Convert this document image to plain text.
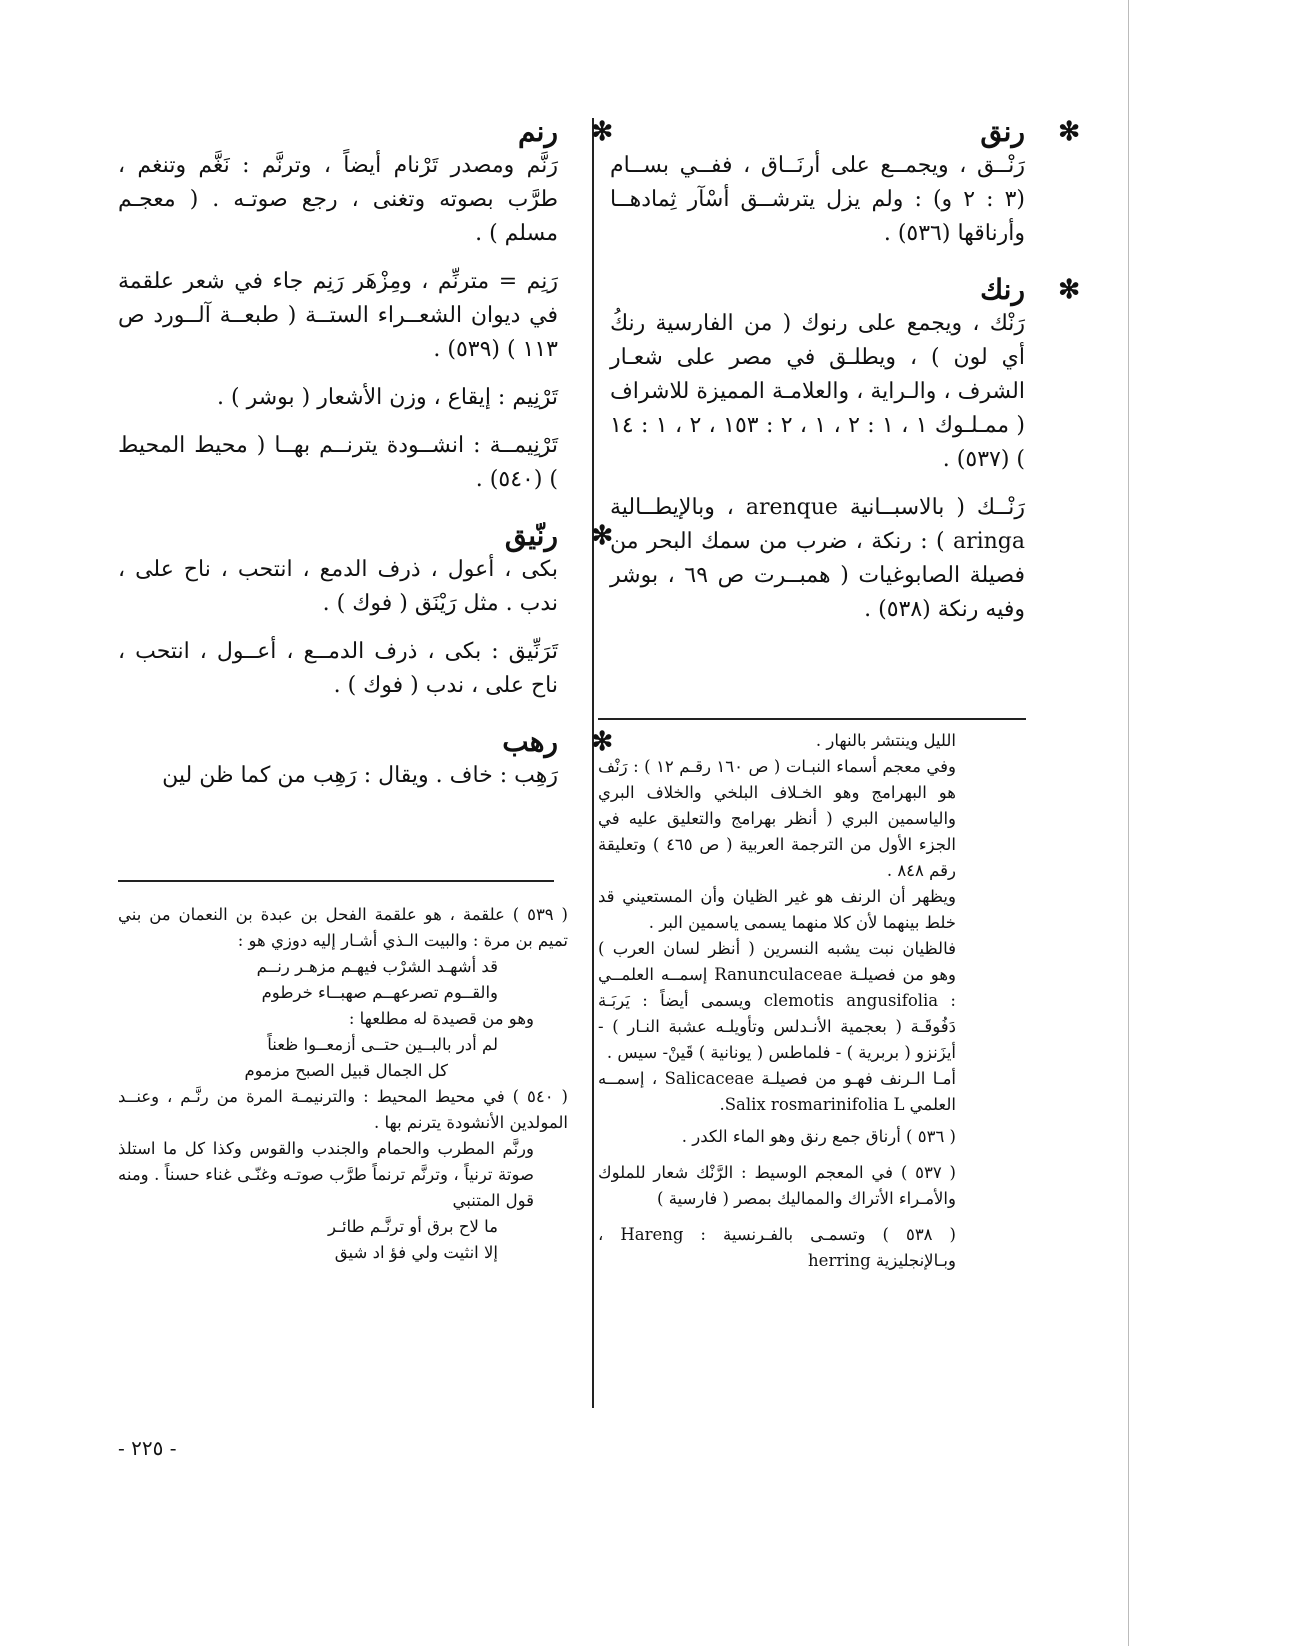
✻
رنق

رَنْــق ، ويجمــع على أرنَــاق ، ففــي بســام (٣ : ٢ و) : ولم يزل يترشــق أسْآر ثِمادهــا وأرناقها (٥٣٦) .

✻
رنك

رَنْك ، ويجمع على رنوك ( من الفارسية رنكُ أي لون ) ، ويطلـق في مصر على شعـار الشرف ، والـراية ، والعلامـة المميزة للاشراف ( ممـلـوك ١ ، ١ : ٢ ، ١ ، ٢ : ١٥٣ ، ٢ ، ١ : ١٤ ) (٥٣٧) .

رَنْــك ( بالاسبــانية arenque ، وبالإيطــالية aringa ) : رنكة ، ضرب من سمك البحر من فصيلة الصابوغيات ( همبــرت ص ٦٩ ، بوشر وفيه رنكة (٥٣٨) .

الليل وينتشر بالنهار .

وفي معجم أسماء النبـات ( ص ١٦٠ رقـم ١٢ ) : رَنْف هو البهرامج وهو الخـلاف البلخي والخلاف البري والياسمين البري ( أنظر بهرامج والتعليق عليه في الجزء الأول من الترجمة العربية ( ص ٤٦٥ ) وتعليقة رقم ٨٤٨ .

ويظهر أن الرنف هو غير الظيان وأن المستعيني قد خلط بينهما لأن كلا منهما يسمى ياسمين البر .

فالظيان نبت يشبه النسرين ( أنظر لسان العرب ) وهو من فصيلـة Ranunculaceae إسمــه العلمــي : clemotis angusifolia ويسمى أيضاً : يَربَـة دَفُوقَـة ( بعجمية الأنـدلس وتأويلـه عشبة النـار ) - أيزَنزو ( بربرية ) - فلماطس ( يونانية ) قَينْ- سيس .

أمـا الـرنف فهـو من فصيلـة Salicaceae ، إسمــه العلمي Salix rosmarinifolia L.

( ٥٣٦ ) أرناق جمع رنق وهو الماء الكدر .

( ٥٣٧ ) في المعجم الوسيط : الرَّنْك شعار للملوك والأمـراء الأتراك والمماليك بمصر ( فارسية )

( ٥٣٨ ) وتسمـى بالفـرنسية : Hareng ، وبـالإنجليزية herring

✻
رنم

رَنَّم ومصدر تَرْنام أيضاً ، وترنَّم : نَغَّم وتنغم ، طرَّب بصوته وتغنى ، رجع صوتـه . ( معجـم مسلم ) .

رَنِم = مترنِّم ، ومِزْهَر رَنِم جاء في شعر علقمة في ديوان الشعــراء الستــة ( طبعــة آلــورد ص ١١٣ ) (٥٣٩) .

تَرْنِيم : إيقاع ، وزن الأشعار ( بوشر ) .

تَرْنِيمــة : انشــودة يترنــم بهــا ( محيط المحيط ) (٥٤٠) .

✻
رنّيق

بكى ، أعول ، ذرف الدمع ، انتحب ، ناح على ، ندب . مثل رَيْنَق ( فوك ) .

تَرَنِّيق : بكى ، ذرف الدمــع ، أعــول ، انتحب ، ناح على ، ندب ( فوك ) .

✻
رهب

رَهِب : خاف . ويقال : رَهِب من كما ظن لين

( ٥٣٩ ) علقمة ، هو علقمة الفحل بن عبدة بن النعمان من بني تميم بن مرة : والبيت الـذي أشـار إليه دوزي هو :

قد أشهـد الشرْب فيهـم مزهـر رنــم

والقــوم تصرعهــم صهبــاء خرطوم

وهو من قصيدة له مطلعها :

لم أدر بالبــين حتــى أزمعــوا ظعناً

كل الجمال قبيل الصبح مزموم

( ٥٤٠ ) في محيط المحيط : والترنيمـة المرة من رنَّـم ، وعنــد المولدين الأنشودة يترنم بها .

ورنَّم المطرب والحمام والجندب والقوس وكذا كل ما استلذ صوتة ترنياً ، وترنَّم ترنماً طرَّب صوتـه وغنّـى غناء حسناً . ومنه قول المتنبي

ما لاح برق أو ترنَّـم طائـر

إلا انثيت ولي فؤ اد شيق

- ٢٢٥ -
